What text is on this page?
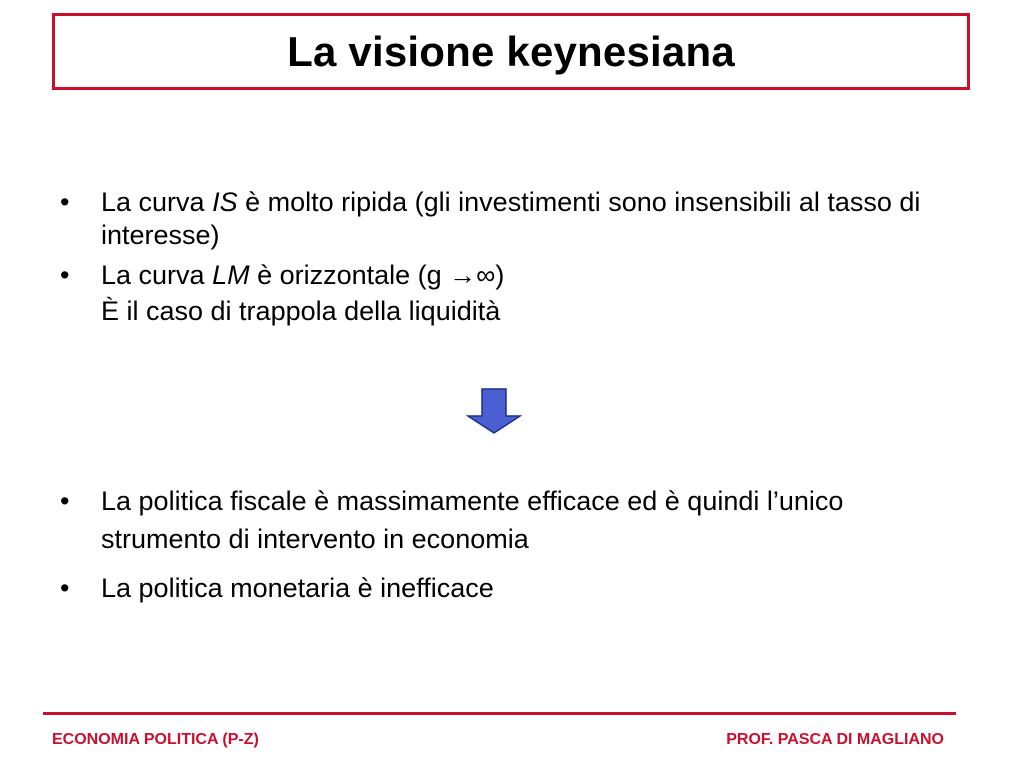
La visione keynesiana
• La curva IS è molto ripida (gli investimenti sono insensibili al tasso di interesse)
• La curva LM è orizzontale (g →∞)
È il caso di trappola della liquidità
• La politica fiscale è massimamente efficace ed è quindi l’unico strumento di intervento in economia
• La politica monetaria è inefficace
ECONOMIA POLITICA (P-Z)	PROF. PASCA DI MAGLIANO
